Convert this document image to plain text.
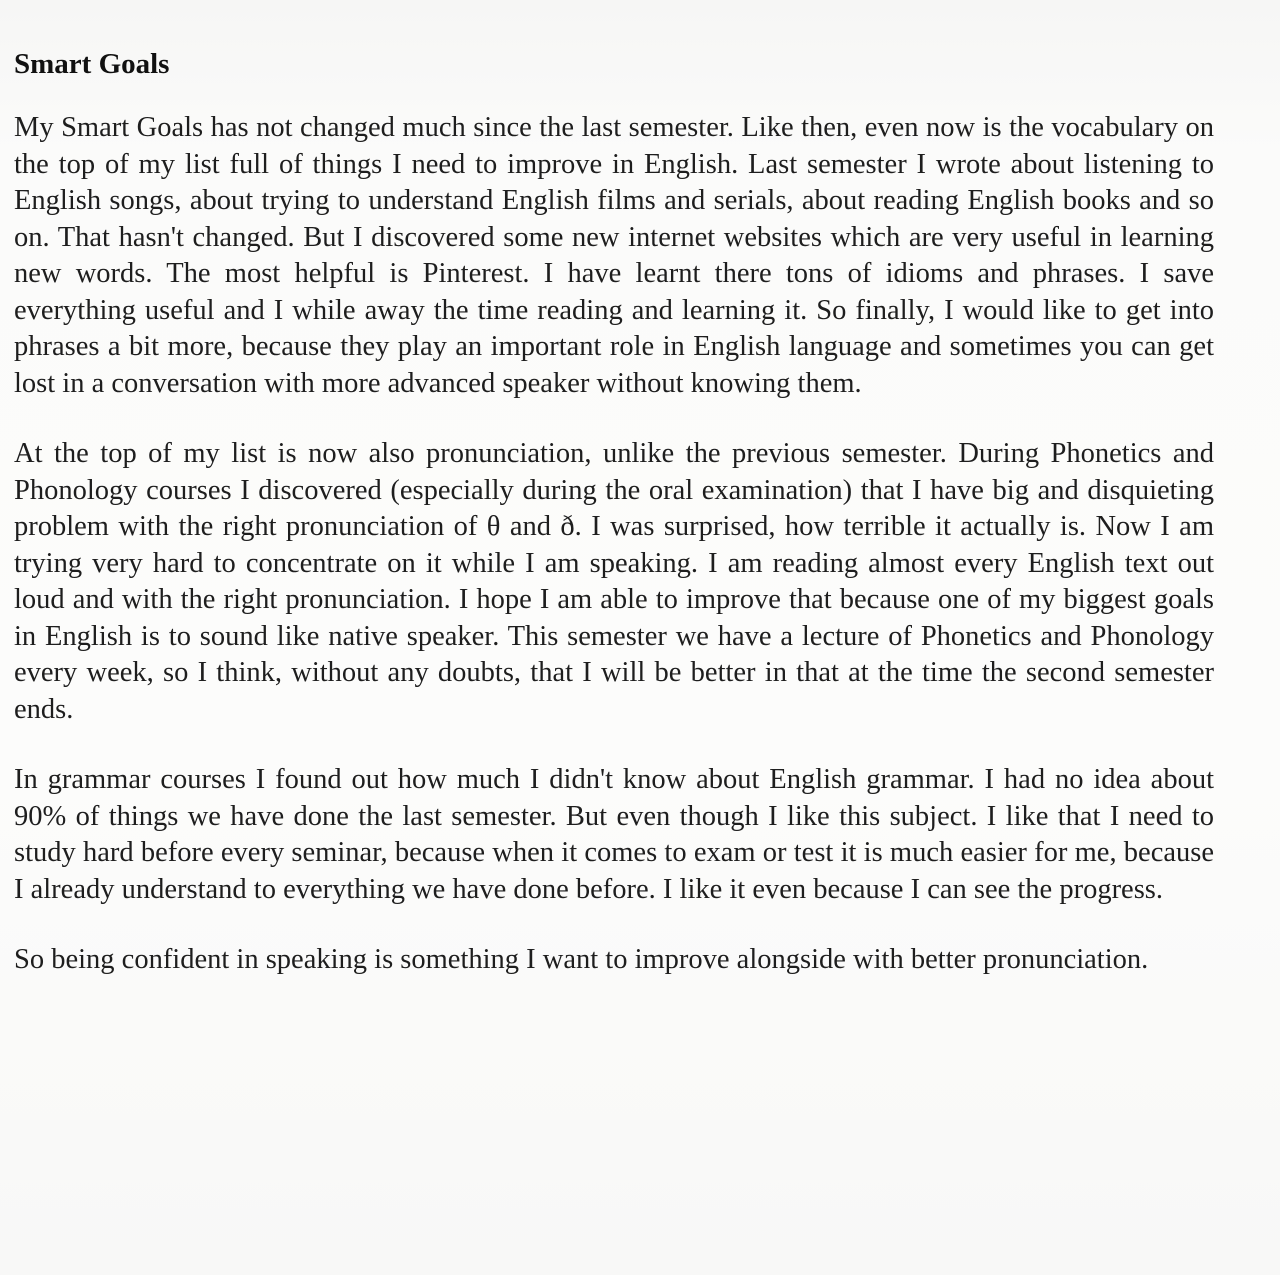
Smart Goals

My Smart Goals has not changed much since the last semester. Like then, even now is the vocabulary on the top of my list full of things I need to improve in English. Last semester I wrote about listening to English songs, about trying to understand English films and serials, about reading English books and so on. That hasn't changed. But I discovered some new internet websites which are very useful in learning new words. The most helpful is Pinterest. I have learnt there tons of idioms and phrases. I save everything useful and I while away the time reading and learning it. So finally, I would like to get into phrases a bit more, because they play an important role in English language and sometimes you can get lost in a conversation with more advanced speaker without knowing them.

At the top of my list is now also pronunciation, unlike the previous semester. During Phonetics and Phonology courses I discovered (especially during the oral examination) that I have big and disquieting problem with the right pronunciation of θ and ð. I was surprised, how terrible it actually is. Now I am trying very hard to concentrate on it while I am speaking. I am reading almost every English text out loud and with the right pronunciation. I hope I am able to improve that because one of my biggest goals in English is to sound like native speaker. This semester we have a lecture of Phonetics and Phonology every week, so I think, without any doubts, that I will be better in that at the time the second semester ends.

In grammar courses I found out how much I didn't know about English grammar. I had no idea about 90% of things we have done the last semester. But even though I like this subject. I like that I need to study hard before every seminar, because when it comes to exam or test it is much easier for me, because I already understand to everything we have done before. I like it even because I can see the progress.

So being confident in speaking is something I want to improve alongside with better pronunciation.
